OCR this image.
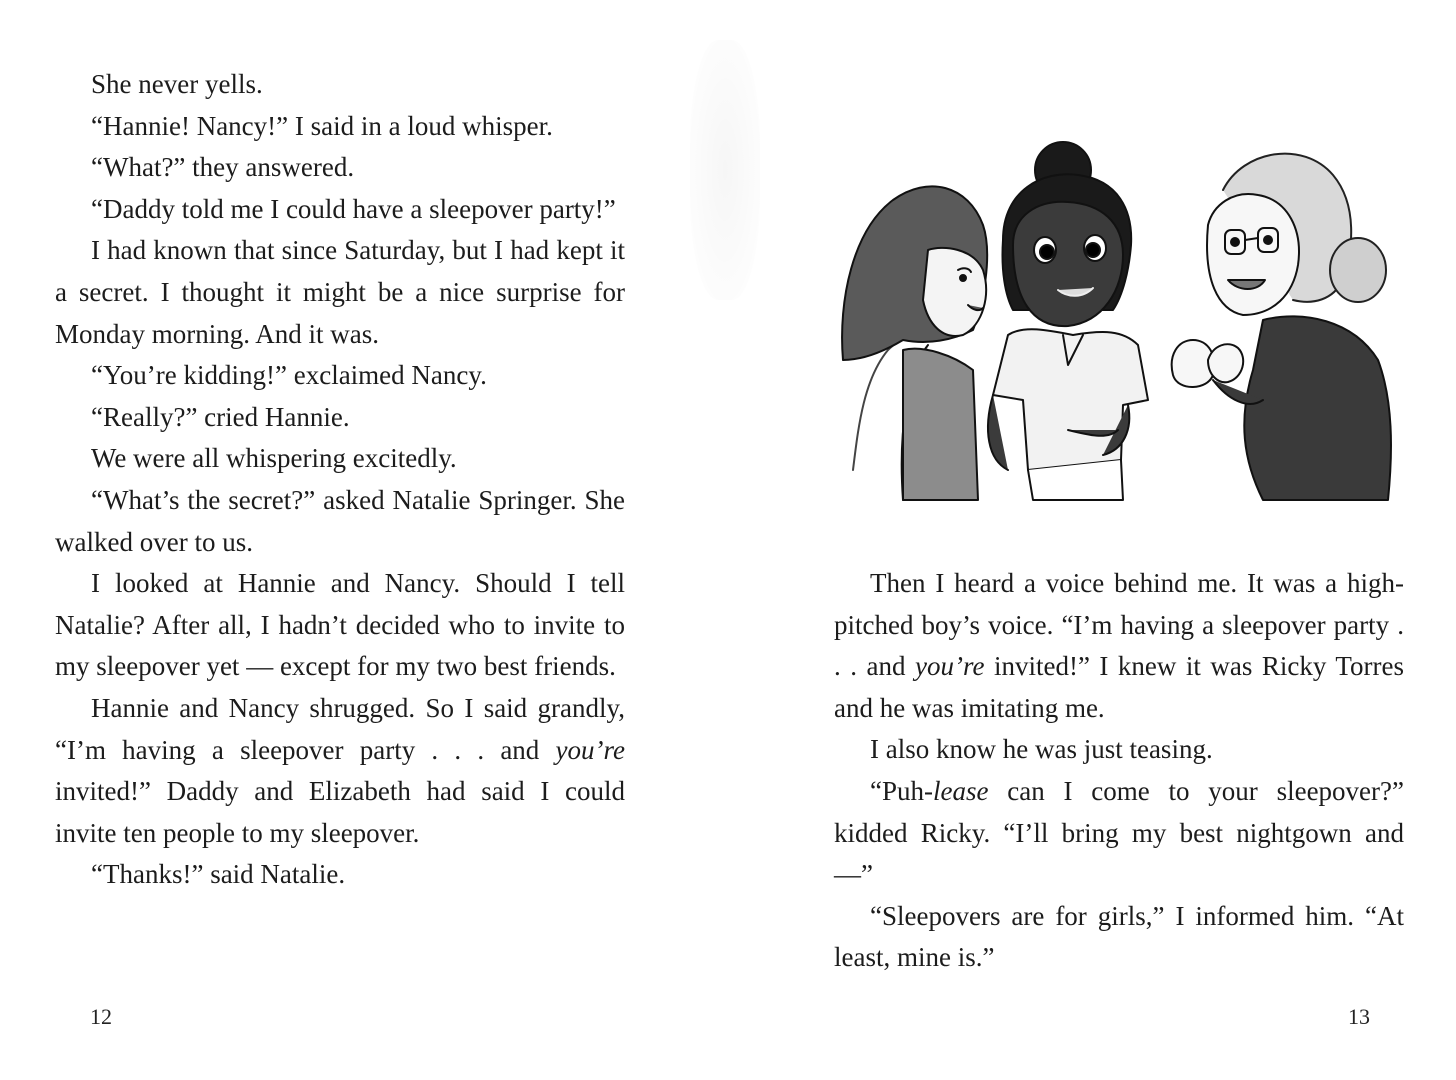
She never yells.

“Hannie! Nancy!” I said in a loud whisper.

“What?” they answered.

“Daddy told me I could have a sleepover party!”

I had known that since Saturday, but I had kept it a secret. I thought it might be a nice surprise for Monday morning. And it was.

“You’re kidding!” exclaimed Nancy.

“Really?” cried Hannie.

We were all whispering excitedly.

“What’s the secret?” asked Natalie Springer. She walked over to us.

I looked at Hannie and Nancy. Should I tell Natalie? After all, I hadn’t decided who to invite to my sleepover yet — except for my two best friends.

Hannie and Nancy shrugged. So I said grandly, “I’m having a sleepover party . . . and you’re invited!” Daddy and Elizabeth had said I could invite ten people to my sleepover.

“Thanks!” said Natalie.

12

Then I heard a voice behind me. It was a high-pitched boy’s voice. “I’m having a sleepover party . . . and you’re invited!” I knew it was Ricky Torres and he was imitating me.

I also know he was just teasing.

“Puh-lease can I come to your sleepover?” kidded Ricky. “I’ll bring my best nightgown and —”

“Sleepovers are for girls,” I informed him. “At least, mine is.”

13
